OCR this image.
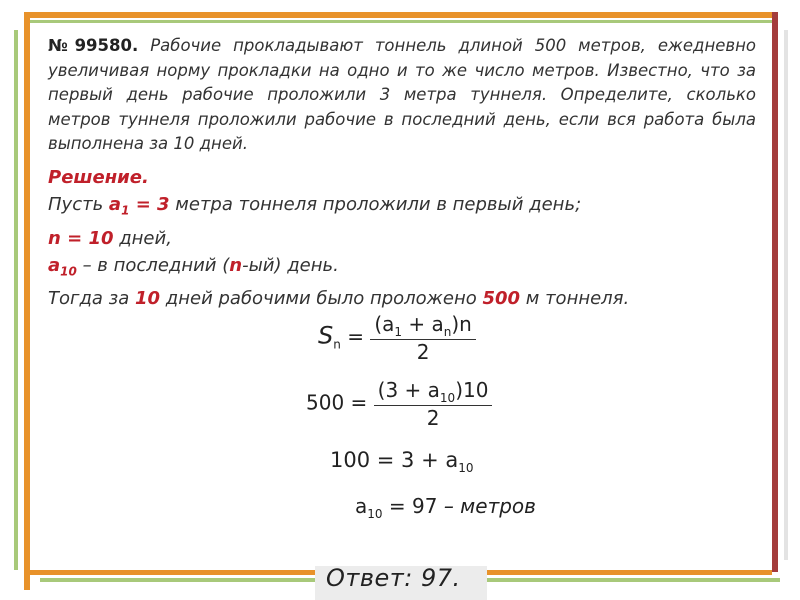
№99580. Рабочие прокладывают тоннель длиной 500 метров, ежедневно увеличивая норму прокладки на одно и то же число метров. Известно, что за первый день рабочие проложили 3 метра туннеля. Определите, сколько метров туннеля проложили рабочие в последний день, если вся работа была выполнена за 10 дней.
Решение.
Пусть $a_1 = 3$ метра тоннеля проложили в первый день;
n = 10 дней,
$a_{10}$ – в последний (n-ый) день.
Тогда за 10 дней рабочими было проложено 500 м тоннеля.
$S_n = \frac{(a_1 + a_n)n}{2}$
$500 = \frac{(3 + a_{10})10}{2}$
$100 = 3 + a_{10}$
$a_{10} = 97$ – метров
Ответ: 97.
